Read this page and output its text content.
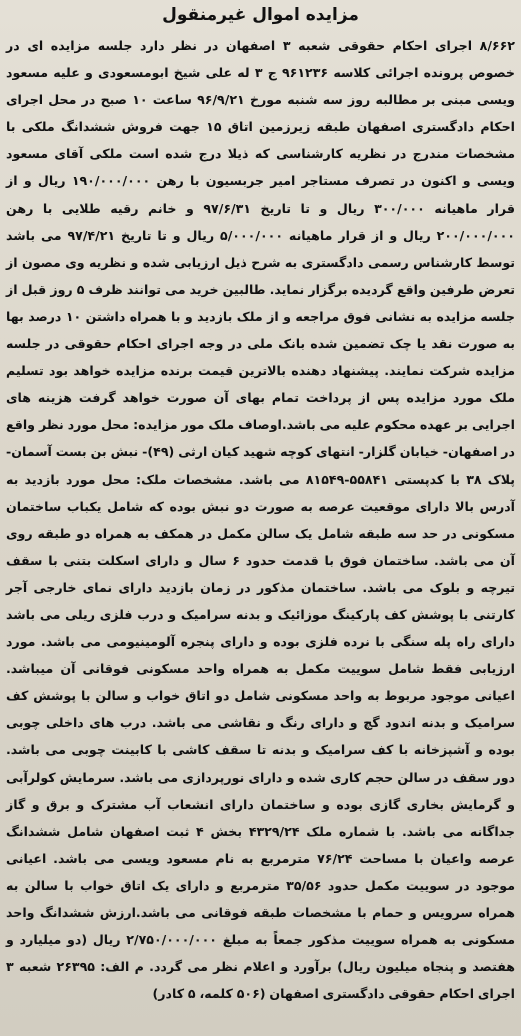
مزایده اموال غیرمنقول
۸/۶۶۲ اجرای احکام حقوقی شعبه ۳ اصفهان در نظر دارد جلسه مزایده ای در خصوص پرونده اجرائی کلاسه ۹۶۱۲۳۶ ج ۳ له علی شیخ ابومسعودی و علیه مسعود ویسی مبنی بر مطالبه روز سه شنبه مورخ ۹۶/۹/۲۱ ساعت ۱۰ صبح در محل اجرای احکام دادگستری اصفهان طبقه زیرزمین اتاق ۱۵ جهت فروش ششدانگ ملکی با مشخصات مندرج در نظریه کارشناسی که ذیلا درج شده است ملکی آقای مسعود ویسی و اکنون در تصرف مستاجر امیر جربسیون با رهن ۱۹۰/۰۰۰/۰۰۰ ریال و از قرار ماهیانه ۳۰۰/۰۰۰ ریال و تا تاریخ ۹۷/۶/۳۱ و خانم رقیه طلایی با رهن ۲۰۰/۰۰۰/۰۰۰ ریال و از قرار ماهیانه ۵/۰۰۰/۰۰۰ ریال و تا تاریخ ۹۷/۴/۲۱ می باشد توسط کارشناس رسمی دادگستری به شرح ذیل ارزیابی شده و نظریه وی مصون از تعرض طرفین واقع گردیده برگزار نماید. طالبین خرید می توانند ظرف ۵ روز قبل از جلسه مزایده به نشانی فوق مراجعه و از ملک بازدید و با همراه داشتن ۱۰ درصد بها به صورت نقد یا چک تضمین شده بانک ملی در وجه اجرای احکام حقوقی در جلسه مزایده شرکت نمایند. پیشنهاد دهنده بالاترین قیمت برنده مزایده خواهد بود تسلیم ملک مورد مزایده پس از پرداخت تمام بهای آن صورت خواهد گرفت هزینه های اجرایی بر عهده محکوم علیه می باشد.اوصاف ملک مور مزایده: محل مورد نظر واقع در اصفهان- خیابان گلزار- انتهای کوچه شهید کیان ارثی (۴۹)- نبش بن بست آسمان- پلاک ۳۸ با کدپستی ۵۵۸۴۱-۸۱۵۴۹ می باشد. مشخصات ملک: محل مورد بازدید به آدرس بالا دارای موقعیت عرصه به صورت دو نبش بوده که شامل یکباب ساختمان مسکونی در حد سه طبقه شامل یک سالن مکمل در همکف به همراه دو طبقه روی آن می باشد. ساختمان فوق با قدمت حدود ۶ سال و دارای اسکلت بتنی با سقف تیرچه و بلوک می باشد. ساختمان مذکور در زمان بازدید دارای نمای خارجی آجر کارتنی با پوشش کف پارکینگ موزائیک و بدنه سرامیک و درب فلزی ریلی می باشد دارای راه پله سنگی با نرده فلزی بوده و دارای پنجره آلومینیومی می باشد. مورد ارزیابی فقط شامل سوییت مکمل به همراه واحد مسکونی فوقانی آن میباشد. اعیانی موجود مربوط به واحد مسکونی شامل دو اتاق خواب و سالن با پوشش کف سرامیک و بدنه اندود گچ و دارای رنگ و نقاشی می باشد. درب های داخلی چوبی بوده و آشپزخانه با کف سرامیک و بدنه تا سقف کاشی با کابینت چوبی می باشد. دور سقف در سالن حجم کاری شده و دارای نورپردازی می باشد. سرمایش کولرآبی و گرمایش بخاری گازی بوده و ساختمان دارای انشعاب آب مشترک و برق و گاز جداگانه می باشد. با شماره ملک ۴۳۲۹/۲۴ بخش ۴ ثبت اصفهان شامل ششدانگ عرصه واعیان با مساحت ۷۶/۲۴ مترمربع به نام مسعود ویسی می باشد. اعیانی موجود در سوییت مکمل حدود ۳۵/۵۶ مترمربع و دارای یک اتاق خواب با سالن به همراه سرویس و حمام با مشخصات طبقه فوقانی می باشد.ارزش ششدانگ واحد مسکونی به همراه سوییت مذکور جمعاً به مبلغ ۲/۷۵۰/۰۰۰/۰۰۰ ریال (دو میلیارد و هفتصد و پنجاه میلیون ریال) برآورد و اعلام نظر می گردد. م الف: ۲۶۳۹۵ شعبه ۳ اجرای احکام حقوقی دادگستری اصفهان (۵۰۶ کلمه، ۵ کادر)
